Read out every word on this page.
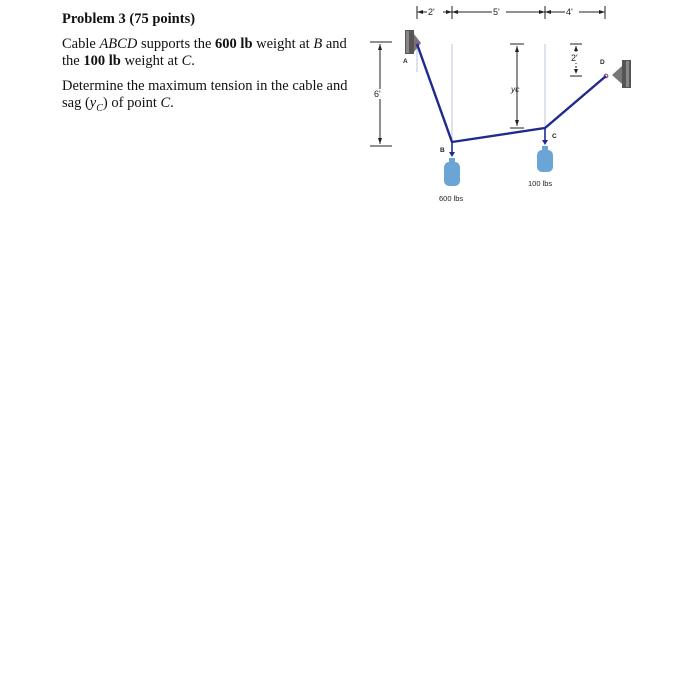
Problem 3 (75 points)

Cable ABCD supports the 600 lb weight at B and the 100 lb weight at C.

Determine the maximum tension in the cable and sag $(y_C)$ of point C.

2'	5'	4'
6'	yc
2'
A	D
B
600 lbs
C
100 lbs
